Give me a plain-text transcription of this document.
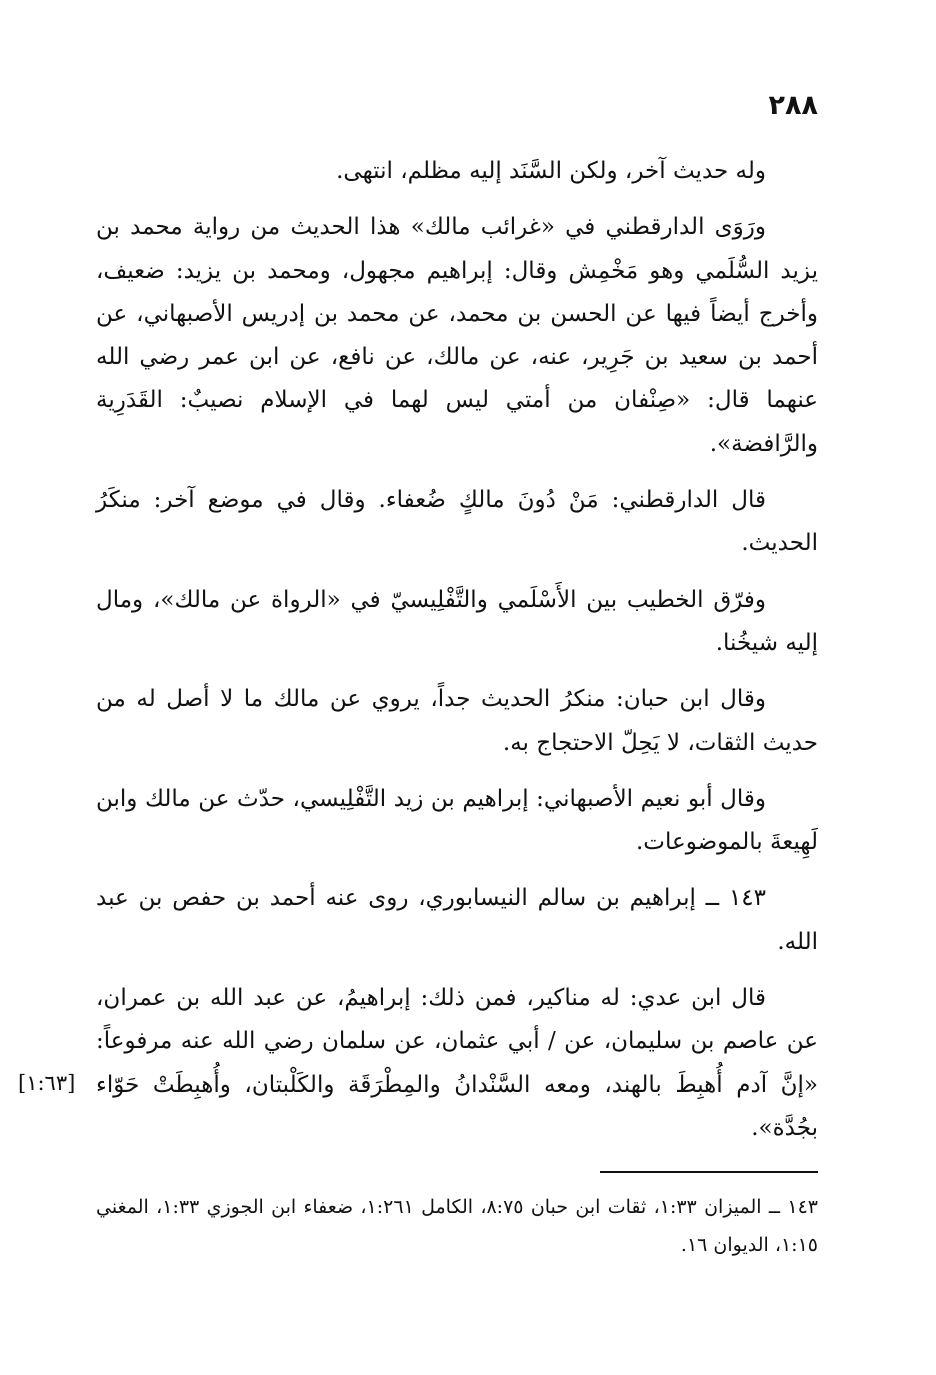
٢٨٨

وله حديث آخر، ولكن السَّنَد إليه مظلم، انتهى.

ورَوَى الدارقطني في «غرائب مالك» هذا الحديث من رواية محمد بن يزيد السُّلَمي وهو مَخْمِش وقال: إبراهيم مجهول، ومحمد بن يزيد: ضعيف، وأخرج أيضاً فيها عن الحسن بن محمد، عن محمد بن إدريس الأصبهاني، عن أحمد بن سعيد بن جَرِير، عنه، عن مالك، عن نافع، عن ابن عمر رضي الله عنهما قال: «صِنْفان من أمتي ليس لهما في الإسلام نصيبٌ: القَدَرِية والرَّافضة».

قال الدارقطني: مَنْ دُونَ مالكٍ ضُعفاء. وقال في موضع آخر: منكَرُ الحديث.

وفرّق الخطيب بين الأَسْلَمي والتَّفْلِيسيّ في «الرواة عن مالك»، ومال إليه شيخُنا.

وقال ابن حبان: منكرُ الحديث جداً، يروي عن مالك ما لا أصل له من حديث الثقات، لا يَحِلّ الاحتجاج به.

وقال أبو نعيم الأصبهاني: إبراهيم بن زيد التَّفْلِيسي، حدّث عن مالك وابن لَهِيعةَ بالموضوعات.

١٤٣ ــ إبراهيم بن سالم النيسابوري، روى عنه أحمد بن حفص بن عبد الله.

قال ابن عدي: له مناكير، فمن ذلك: إبراهيمُ، عن عبد الله بن عمران، عن عاصم بن سليمان، عن / أبي عثمان، عن سلمان رضي الله عنه مرفوعاً: «إنَّ آدم أُهبِطَ بالهند، ومعه السَّنْدانُ والمِطْرَقَة والكَلْبتان، وأُهبِطَتْ حَوّاء بجُدَّة».

[١:٦٣]
١٤٣ ــ الميزان ١:٣٣، ثقات ابن حبان ٨:٧٥، الكامل ١:٢٦١، ضعفاء ابن الجوزي ١:٣٣، المغني ١:١٥، الديوان ١٦.
